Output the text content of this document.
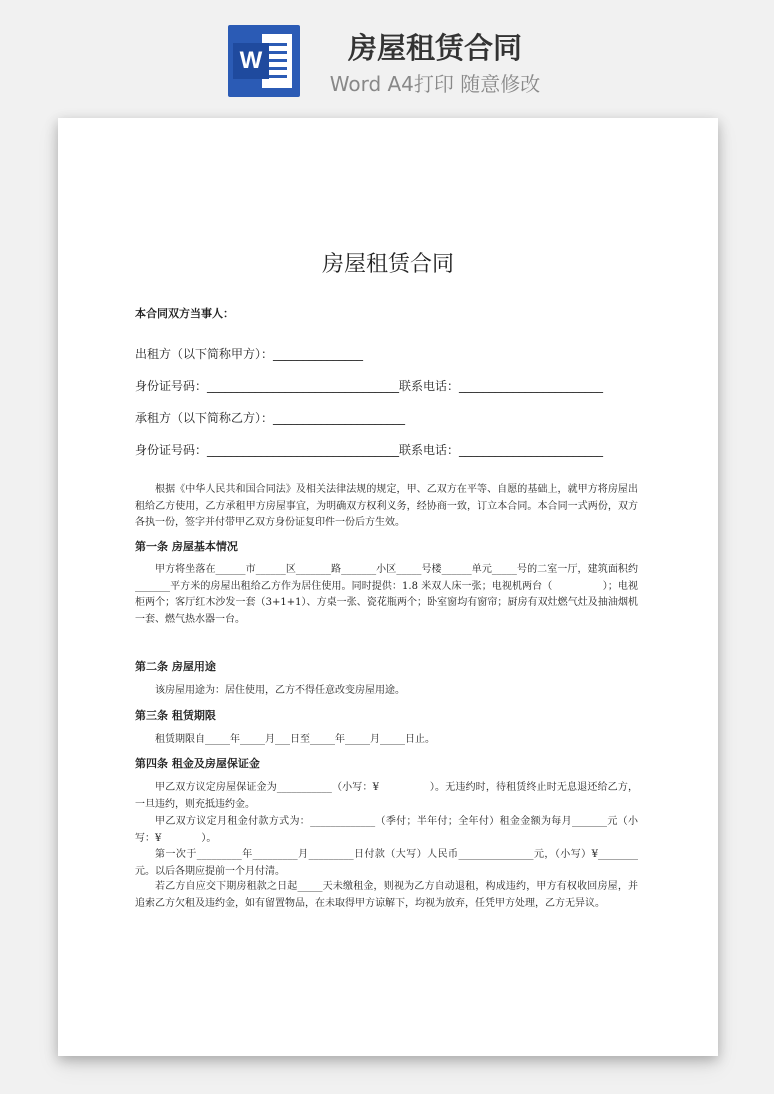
W	房屋租赁合同
Word A4打印 随意修改
房屋租赁合同
本合同双方当事人：
出租方（以下简称甲方）：_______________
身份证号码：________________________________联系电话：________________________
承租方（以下简称乙方）：______________________
身份证号码：________________________________联系电话：________________________
根据《中华人民共和国合同法》及相关法律法规的规定，甲、乙双方在平等、自愿的基础上，就甲方将房屋出租给乙方使用，乙方承租甲方房屋事宜，为明确双方权利义务，经协商一致，订立本合同。本合同一式两份，双方各执一份，签字并付带甲乙双方身份证复印件一份后方生效。
第一条 房屋基本情况
甲方将坐落在______市______区_______路_______小区_____号楼______单元_____号的二室一厅，建筑面积约_______平方米的房屋出租给乙方作为居住使用。同时提供：1.8 米双人床一张；电视机两台（　　　　　）；电视柜两个；客厅红木沙发一套（3+1+1）、方桌一张、瓷花瓶两个；卧室窗均有窗帘；厨房有双灶燃气灶及抽油烟机一套、燃气热水器一台。
第二条 房屋用途
该房屋用途为：居住使用，乙方不得任意改变房屋用途。
第三条 租赁期限
租赁期限自_____年_____月___日至_____年_____月_____日止。
第四条 租金及房屋保证金
甲乙双方议定房屋保证金为___________（小写：¥　　　　　）。无违约时，待租赁终止时无息退还给乙方，一旦违约，则充抵违约金。
甲乙双方议定月租金付款方式为：_____________（季付；半年付；全年付）租金金额为每月_______元（小写：¥　　　　）。
第一次于_________年_________月_________日付款（大写）人民币_______________元，（小写）¥________元。以后各期应提前一个月付清。
若乙方自应交下期房租款之日起_____天未缴租金，则视为乙方自动退租，构成违约，甲方有权收回房屋，并追索乙方欠租及违约金，如有留置物品，在未取得甲方谅解下，均视为放弃，任凭甲方处理，乙方无异议。
